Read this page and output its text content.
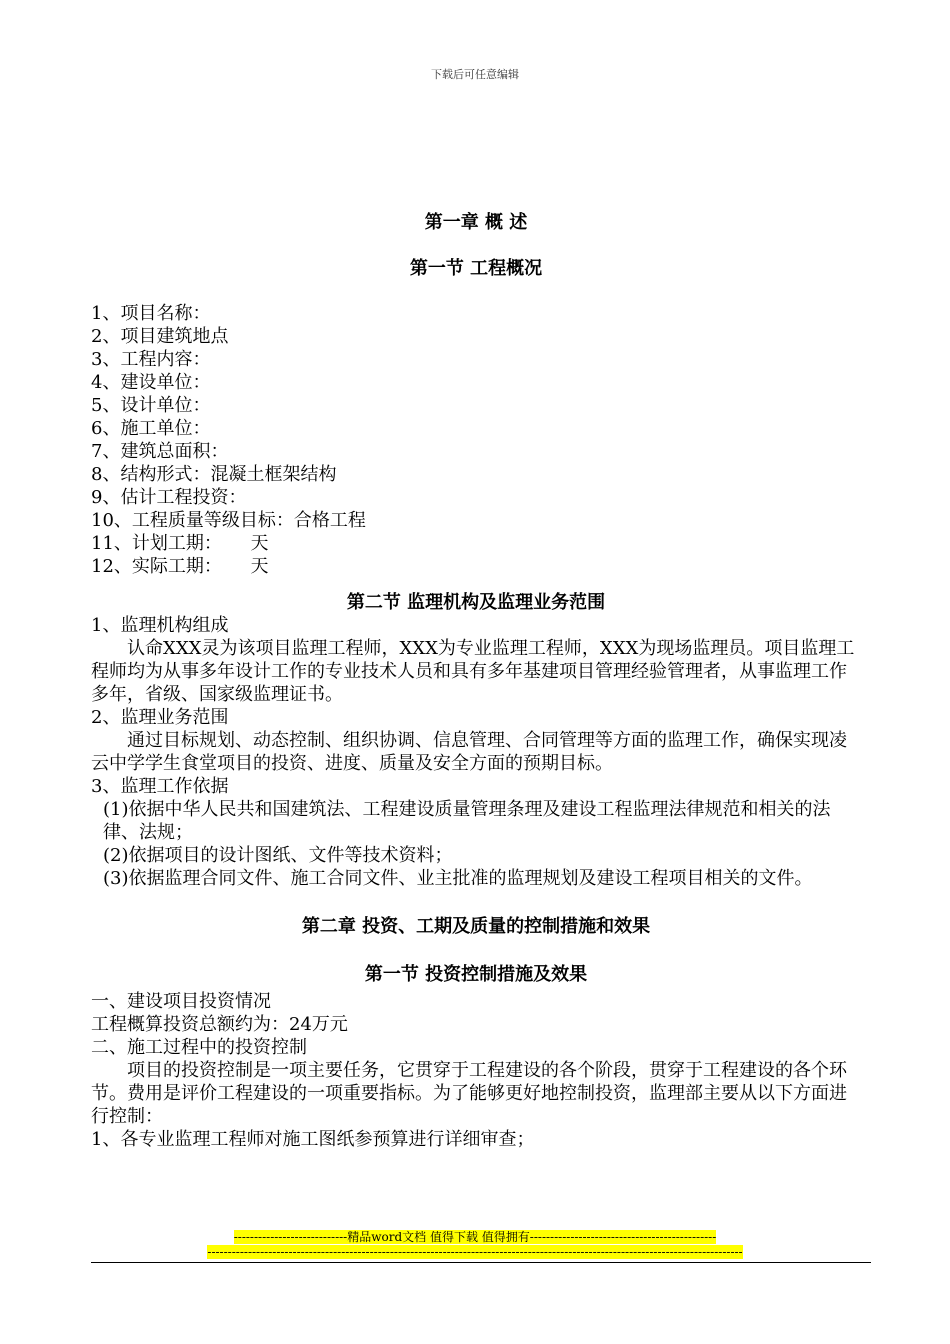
下载后可任意编辑
第一章 概 述
第一节 工程概况

1、项目名称：

2、项目建筑地点

3、工程内容：

4、建设单位：

5、设计单位：

6、施工单位：

7、建筑总面积：

8、结构形式：混凝土框架结构

9、估计工程投资：

10、工程质量等级目标：合格工程

11、计划工期：     天

12、实际工期：     天

第二节 监理机构及监理业务范围

1、监理机构组成

认命XXX灵为该项目监理工程师，XXX为专业监理工程师，XXX为现场监理员。项目监理工程师均为从事多年设计工作的专业技术人员和具有多年基建项目管理经验管理者，从事监理工作多年，省级、国家级监理证书。

2、监理业务范围

通过目标规划、动态控制、组织协调、信息管理、合同管理等方面的监理工作，确保实现凌云中学学生食堂项目的投资、进度、质量及安全方面的预期目标。

3、监理工作依据

(1)依据中华人民共和国建筑法、工程建设质量管理条理及建设工程监理法律规范和相关的法律、法规；

(2)依据项目的设计图纸、文件等技术资料；

(3)依据监理合同文件、施工合同文件、业主批准的监理规划及建设工程项目相关的文件。

第二章 投资、工期及质量的控制措施和效果
第一节 投资控制措施及效果

一、建设项目投资情况

工程概算投资总额约为：24万元

二、施工过程中的投资控制

项目的投资控制是一项主要任务，它贯穿于工程建设的各个阶段，贯穿于工程建设的各个环节。费用是评价工程建设的一项重要指标。为了能够更好地控制投资，监理部主要从以下方面进行控制：

1、各专业监理工程师对施工图纸参预算进行详细审查；

----------------------------精品word文档 值得下载 值得拥有----------------------------------------------
------------------------------------------------------------------------------------------------------------------------------------
